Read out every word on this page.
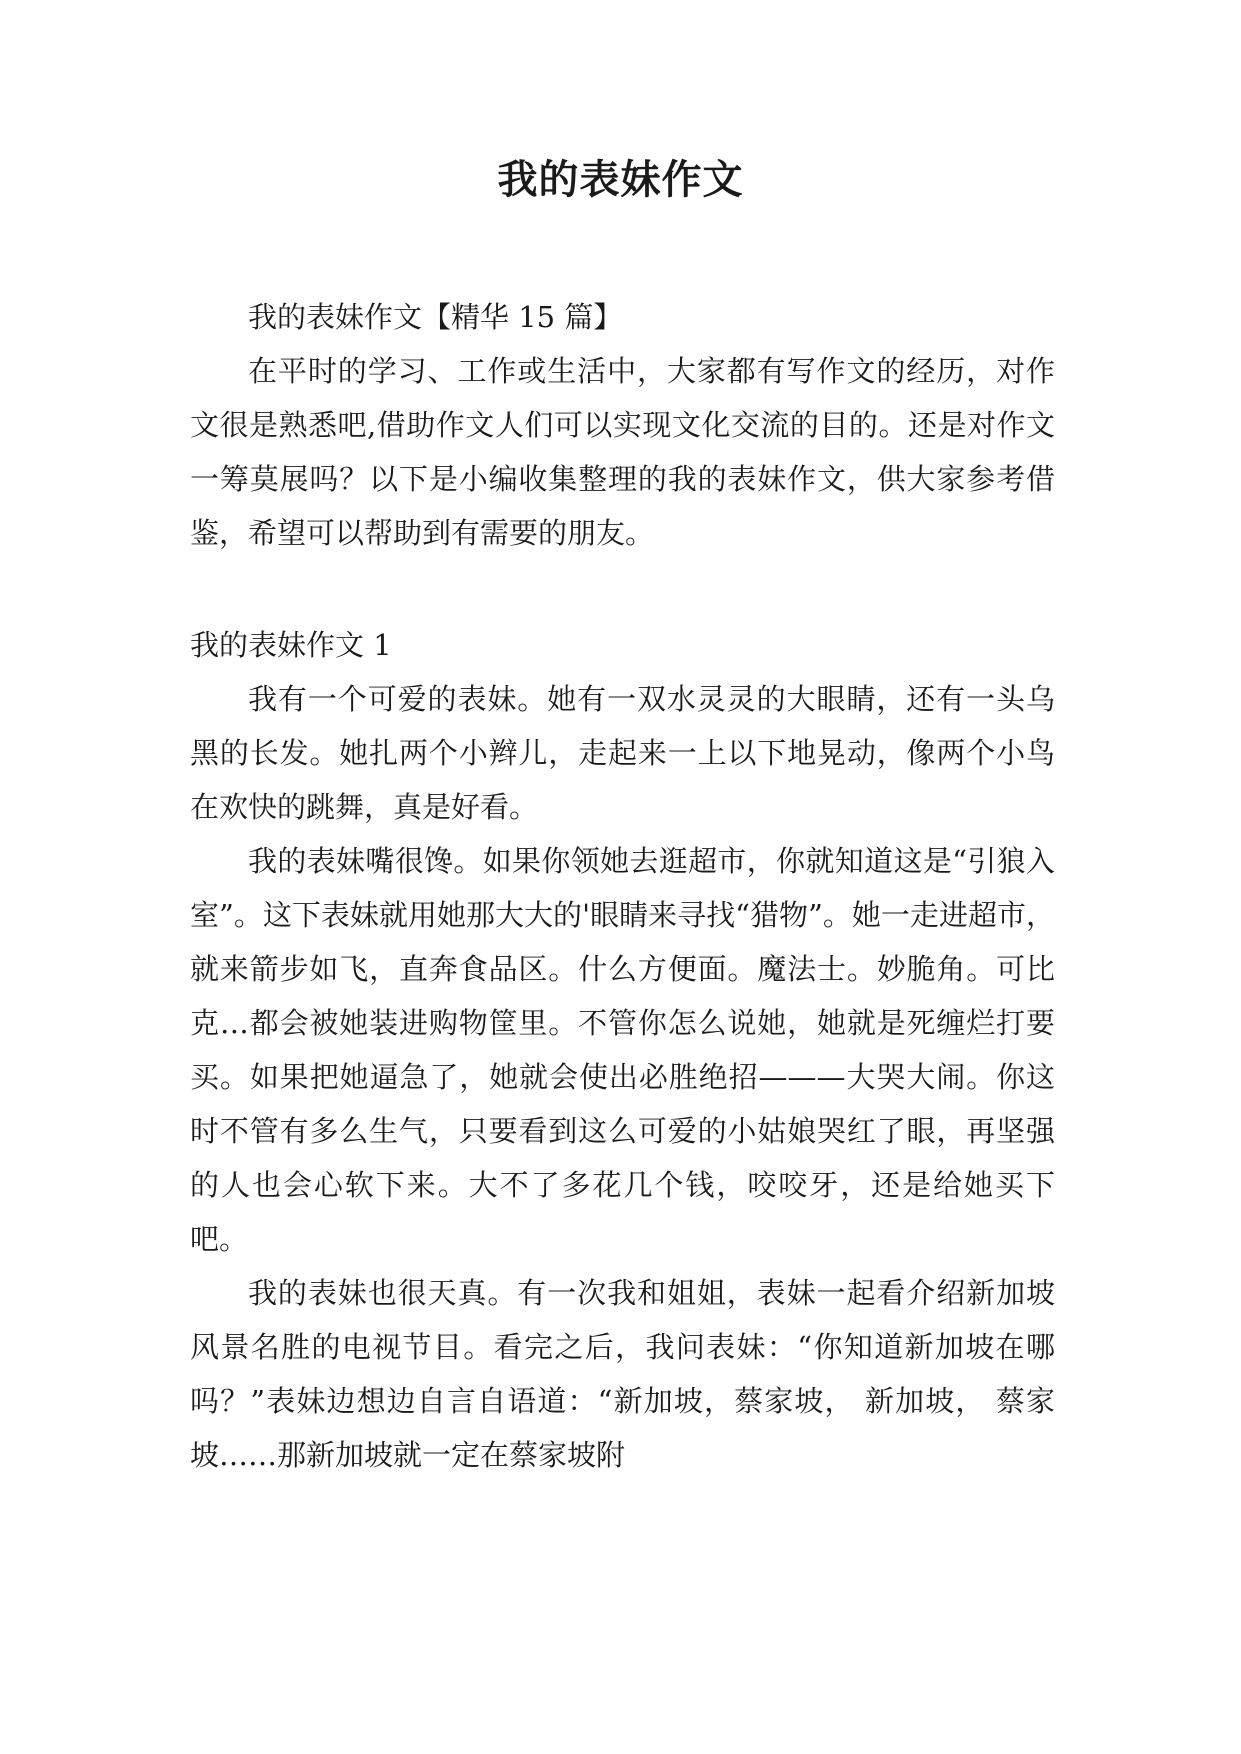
我的表妹作文

我的表妹作文【精华 15 篇】

在平时的学习、工作或生活中，大家都有写作文的经历，对作文很是熟悉吧,借助作文人们可以实现文化交流的目的。还是对作文一筹莫展吗？以下是小编收集整理的我的表妹作文，供大家参考借鉴，希望可以帮助到有需要的朋友。

我的表妹作文 1

我有一个可爱的表妹。她有一双水灵灵的大眼睛，还有一头乌黑的长发。她扎两个小辫儿，走起来一上以下地晃动，像两个小鸟在欢快的跳舞，真是好看。

我的表妹嘴很馋。如果你领她去逛超市，你就知道这是“引狼入室”。这下表妹就用她那大大的'眼睛来寻找“猎物”。她一走进超市，就来箭步如飞，直奔食品区。什么方便面。魔法士。妙脆角。可比克…都会被她装进购物筐里。不管你怎么说她，她就是死缠烂打要买。如果把她逼急了，她就会使出必胜绝招———大哭大闹。你这时不管有多么生气，只要看到这么可爱的小姑娘哭红了眼，再坚强的人也会心软下来。大不了多花几个钱，咬咬牙，还是给她买下吧。

我的表妹也很天真。有一次我和姐姐，表妹一起看介绍新加坡风景名胜的电视节目。看完之后，我问表妹：“你知道新加坡在哪吗？”表妹边想边自言自语道：“新加坡，蔡家坡， 新加坡， 蔡家坡……那新加坡就一定在蔡家坡附
